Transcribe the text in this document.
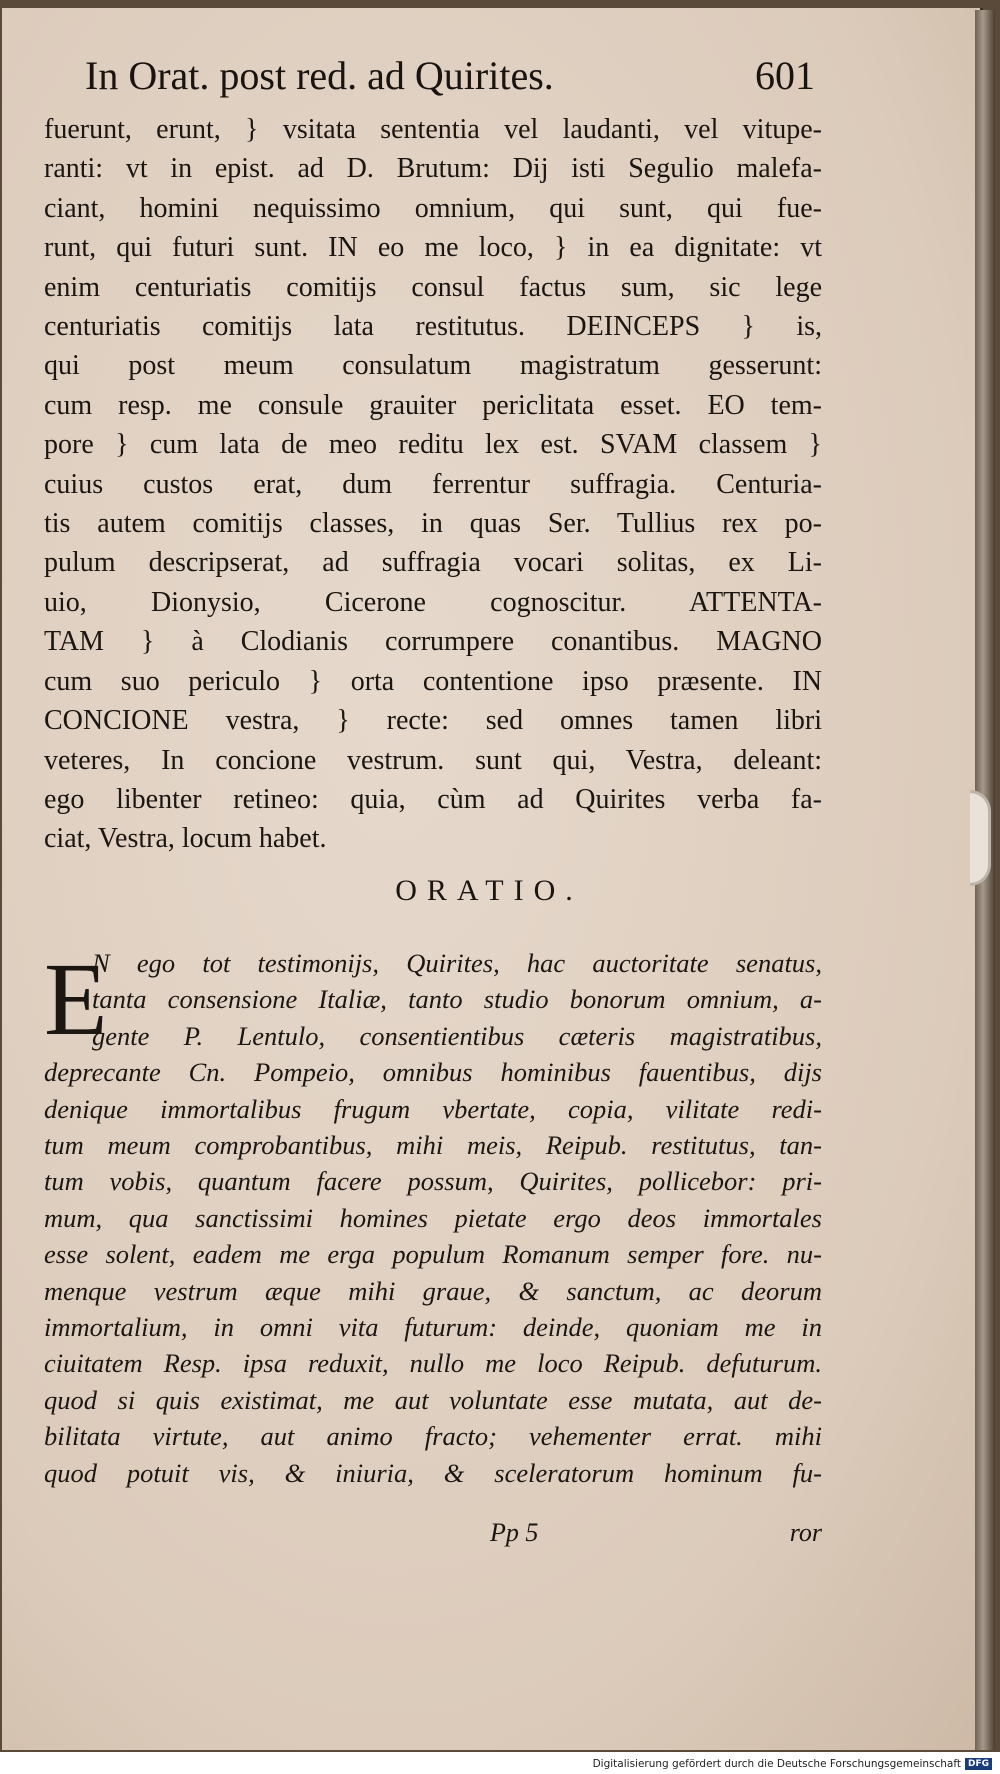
In Orat. post red. ad Quirites.	601
fuerunt, erunt, } vsitata sententia vel laudanti, vel vitupe-
ranti: vt in epist. ad D. Brutum: Dij isti Segulio malefa-
ciant, homini nequissimo omnium, qui sunt, qui fue-
runt, qui futuri sunt. IN eo me loco, } in ea dignitate: vt
enim centuriatis comitijs consul factus sum, sic lege
centuriatis comitijs lata restitutus. DEINCEPS } is,
qui post meum consulatum magistratum gesserunt:
cum resp. me consule grauiter periclitata esset. EO tem-
pore } cum lata de meo reditu lex est. SVAM classem }
cuius custos erat, dum ferrentur suffragia. Centuria-
tis autem comitijs classes, in quas Ser. Tullius rex po-
pulum descripserat, ad suffragia vocari solitas, ex Li-
uio, Dionysio, Cicerone cognoscitur. ATTENTA-
TAM } à Clodianis corrumpere conantibus. MAGNO
cum suo periculo } orta contentione ipso præsente. IN
CONCIONE vestra, } recte: sed omnes tamen libri
veteres, In concione vestrum. sunt qui, Vestra, deleant:
ego libenter retineo: quia, cùm ad Quirites verba fa-
ciat, Vestra, locum habet.
ORATIO.
E
N ego tot testimonijs, Quirites, hac auctoritate senatus,
tanta consensione Italiæ, tanto studio bonorum omnium, a-
gente P. Lentulo, consentientibus cæteris magistratibus,
deprecante Cn. Pompeio, omnibus hominibus fauentibus, dijs
denique immortalibus frugum vbertate, copia, vilitate redi-
tum meum comprobantibus, mihi meis, Reipub. restitutus, tan-
tum vobis, quantum facere possum, Quirites, pollicebor: pri-
mum, qua sanctissimi homines pietate ergo deos immortales
esse solent, eadem me erga populum Romanum semper fore. nu-
menque vestrum æque mihi graue, & sanctum, ac deorum
immortalium, in omni vita futurum: deinde, quoniam me in
ciuitatem Resp. ipsa reduxit, nullo me loco Reipub. defuturum.
quod si quis existimat, me aut voluntate esse mutata, aut de-
bilitata virtute, aut animo fracto; vehementer errat. mihi
quod potuit vis, & iniuria, & sceleratorum hominum fu-
Pp 5	ror
Digitalisierung gefördert durch die Deutsche Forschungsgemeinschaft DFG
